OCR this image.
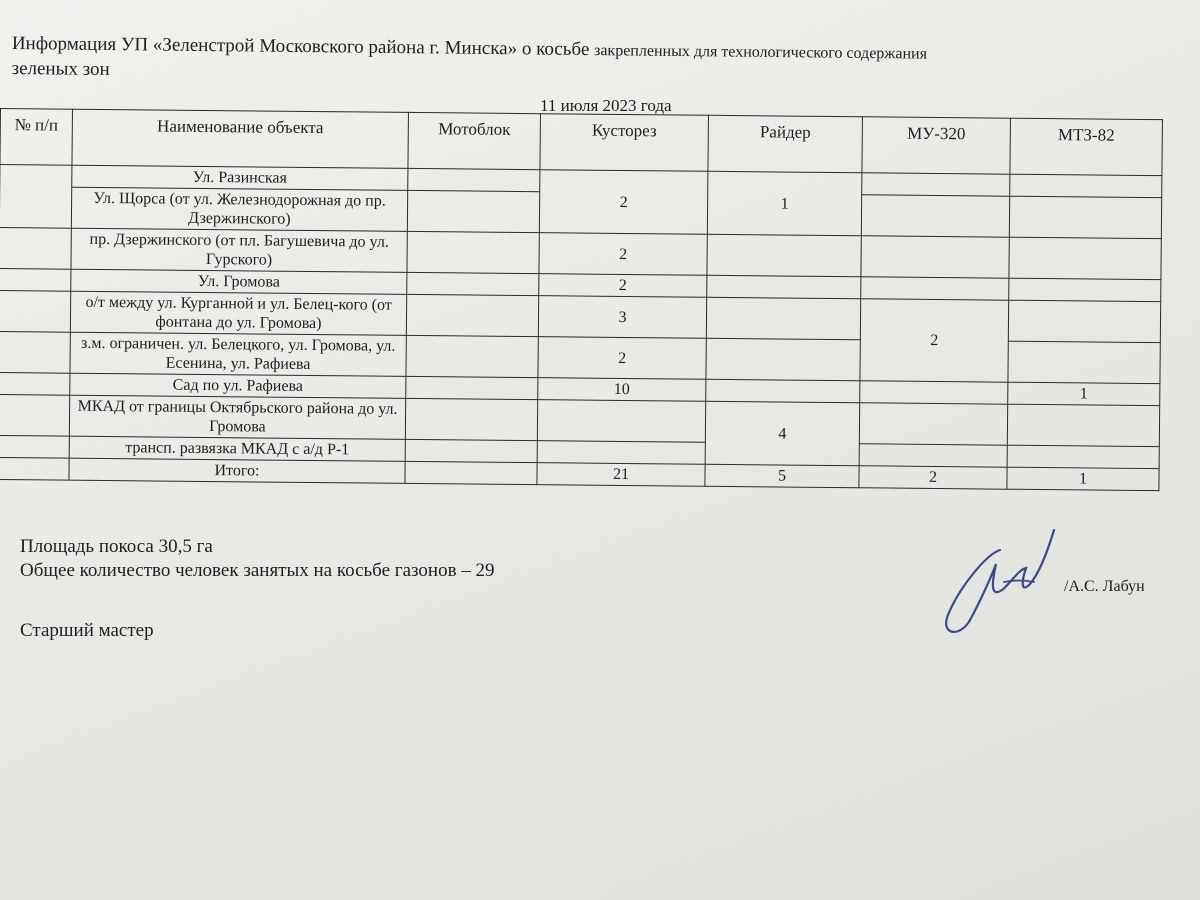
Информация УП «Зеленстрой Московского района г. Минска» о косьбе закрепленных для технологического содержания
зеленых зон
11 июля 2023 года
№ п/п	Наименование объекта	Мотоблок	Кусторез	Райдер	МУ-320	МТЗ-82
	Ул. Разинская		2	1		
	Ул. Щорса (от ул. Железнодорожная до пр. Дзержинского)					
	пр. Дзержинского (от пл. Багушевича до ул. Гурского)		2			
	Ул. Громова		2			
	о/т между ул. Курганной и ул. Белец-кого (от фонтана до ул. Громова)		3		2	
	з.м. ограничен. ул. Белецкого, ул. Громова, ул. Есенина, ул. Рафиева		2			
	Сад по ул. Рафиева		10			1
	МКАД от границы Октябрьского района до ул. Громова			4		
	трансп. развязка МКАД с а/д Р-1					
	Итого:		21	5	2	1
Площадь покоса 30,5 га
Общее количество человек занятых на косьбе газонов – 29
Старший мастер
/А.С. Лабун
